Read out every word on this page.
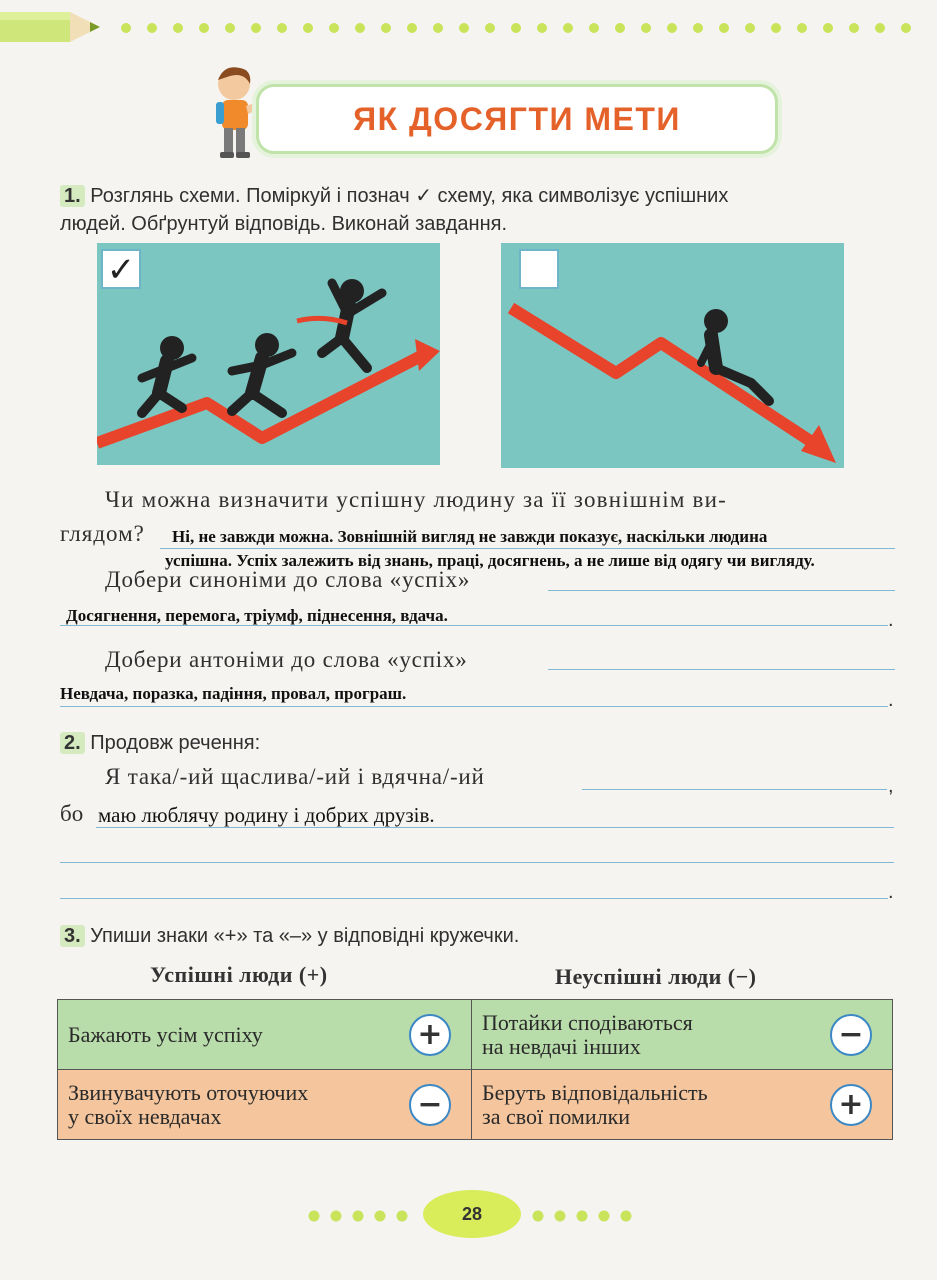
ЯК ДОСЯГТИ МЕТИ
1. Розглянь схеми. Поміркуй і познач ✓ схему, яка символізує успішних
людей. Обґрунтуй відповідь. Виконай завдання.
✓
Чи можна визначити успішну людину за її зовнішнім ви-
глядом? Ні, не завжди можна. Зовнішній вигляд не завжди показує, наскільки людина
успішна. Успіх залежить від знань, праці, досягнень, а не лише від одягу чи вигляду.
Добери синоніми до слова «успіх»
Досягнення, перемога, тріумф, піднесення, вдача.	.
Добери антоніми до слова «успіх»
Невдача, поразка, падіння, провал, програш.	.
2. Продовж речення:
Я така/-ий щаслива/-ий і вдячна/-ий	,
бо маю люблячу родину і добрих друзів.
.
3. Упиши знаки «+» та «–» у відповідні кружечки.
Успішні люди (+)	Неуспішні люди (−)
Бажають усім успіху +	Потайки сподіваються
на невдачі інших −

Звинувачують оточуючих
у своїх невдачах −	Беруть відповідальність
за свої помилки +
28
